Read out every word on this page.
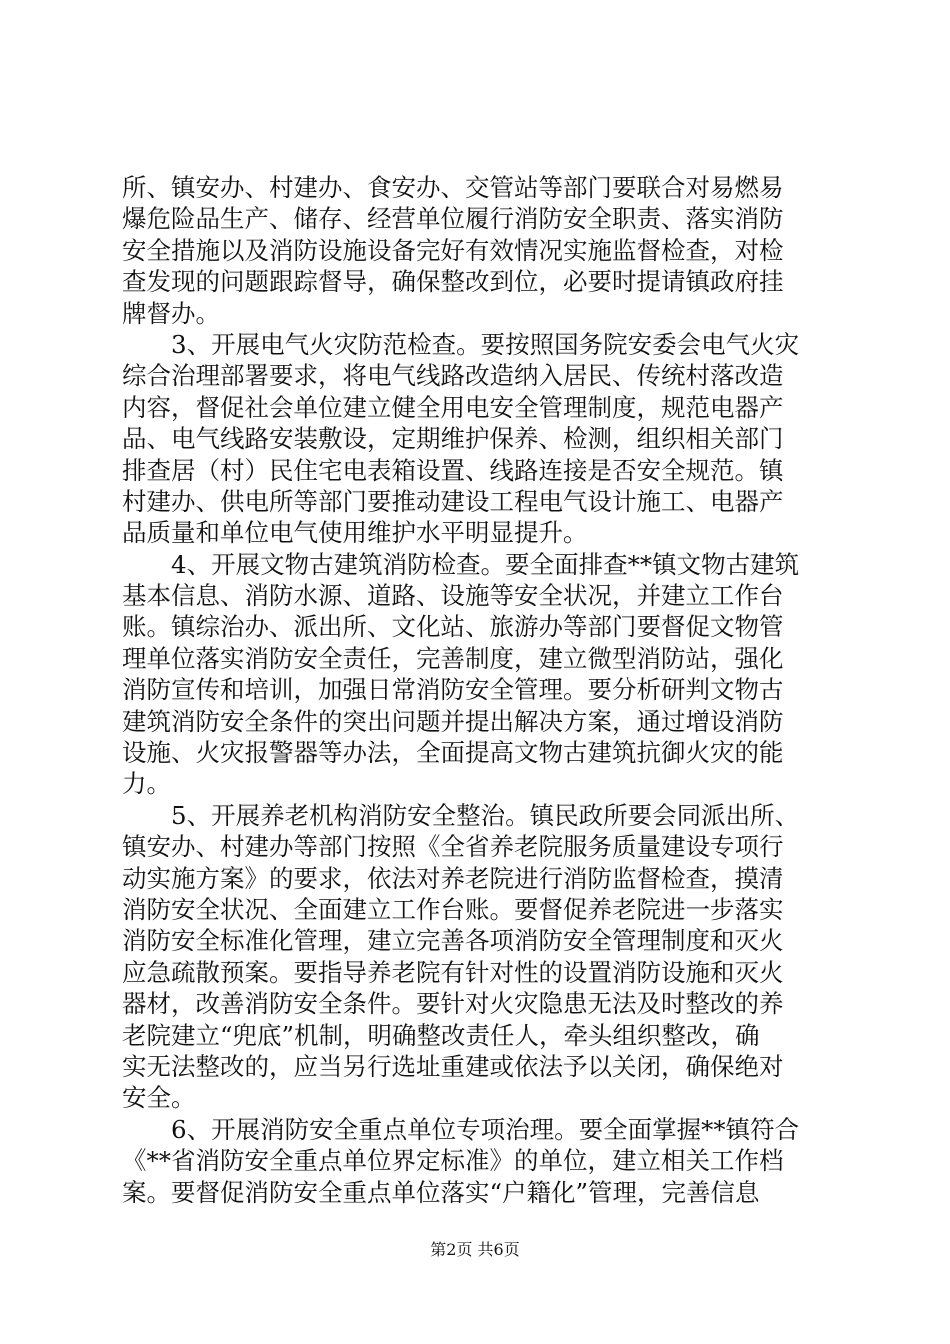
所、镇安办、村建办、食安办、交管站等部门要联合对易燃易
爆危险品生产、储存、经营单位履行消防安全职责、落实消防
安全措施以及消防设施设备完好有效情况实施监督检查，对检
查发现的问题跟踪督导，确保整改到位，必要时提请镇政府挂
牌督办。
　　3、开展电气火灾防范检查。要按照国务院安委会电气火灾
综合治理部署要求，将电气线路改造纳入居民、传统村落改造
内容，督促社会单位建立健全用电安全管理制度，规范电器产
品、电气线路安装敷设，定期维护保养、检测，组织相关部门
排查居（村）民住宅电表箱设置、线路连接是否安全规范。镇
村建办、供电所等部门要推动建设工程电气设计施工、电器产
品质量和单位电气使用维护水平明显提升。
　　4、开展文物古建筑消防检查。要全面排查**镇文物古建筑
基本信息、消防水源、道路、设施等安全状况，并建立工作台
账。镇综治办、派出所、文化站、旅游办等部门要督促文物管
理单位落实消防安全责任，完善制度，建立微型消防站，强化
消防宣传和培训，加强日常消防安全管理。要分析研判文物古
建筑消防安全条件的突出问题并提出解决方案，通过增设消防
设施、火灾报警器等办法，全面提高文物古建筑抗御火灾的能
力。
　　5、开展养老机构消防安全整治。镇民政所要会同派出所、
镇安办、村建办等部门按照《全省养老院服务质量建设专项行
动实施方案》的要求，依法对养老院进行消防监督检查，摸清
消防安全状况、全面建立工作台账。要督促养老院进一步落实
消防安全标准化管理，建立完善各项消防安全管理制度和灭火
应急疏散预案。要指导养老院有针对性的设置消防设施和灭火
器材，改善消防安全条件。要针对火灾隐患无法及时整改的养
老院建立“兜底”机制，明确整改责任人，牵头组织整改，确
实无法整改的，应当另行选址重建或依法予以关闭，确保绝对
安全。
　　6、开展消防安全重点单位专项治理。要全面掌握**镇符合
《**省消防安全重点单位界定标准》的单位，建立相关工作档
案。要督促消防安全重点单位落实“户籍化”管理，完善信息
第2页 共6页
